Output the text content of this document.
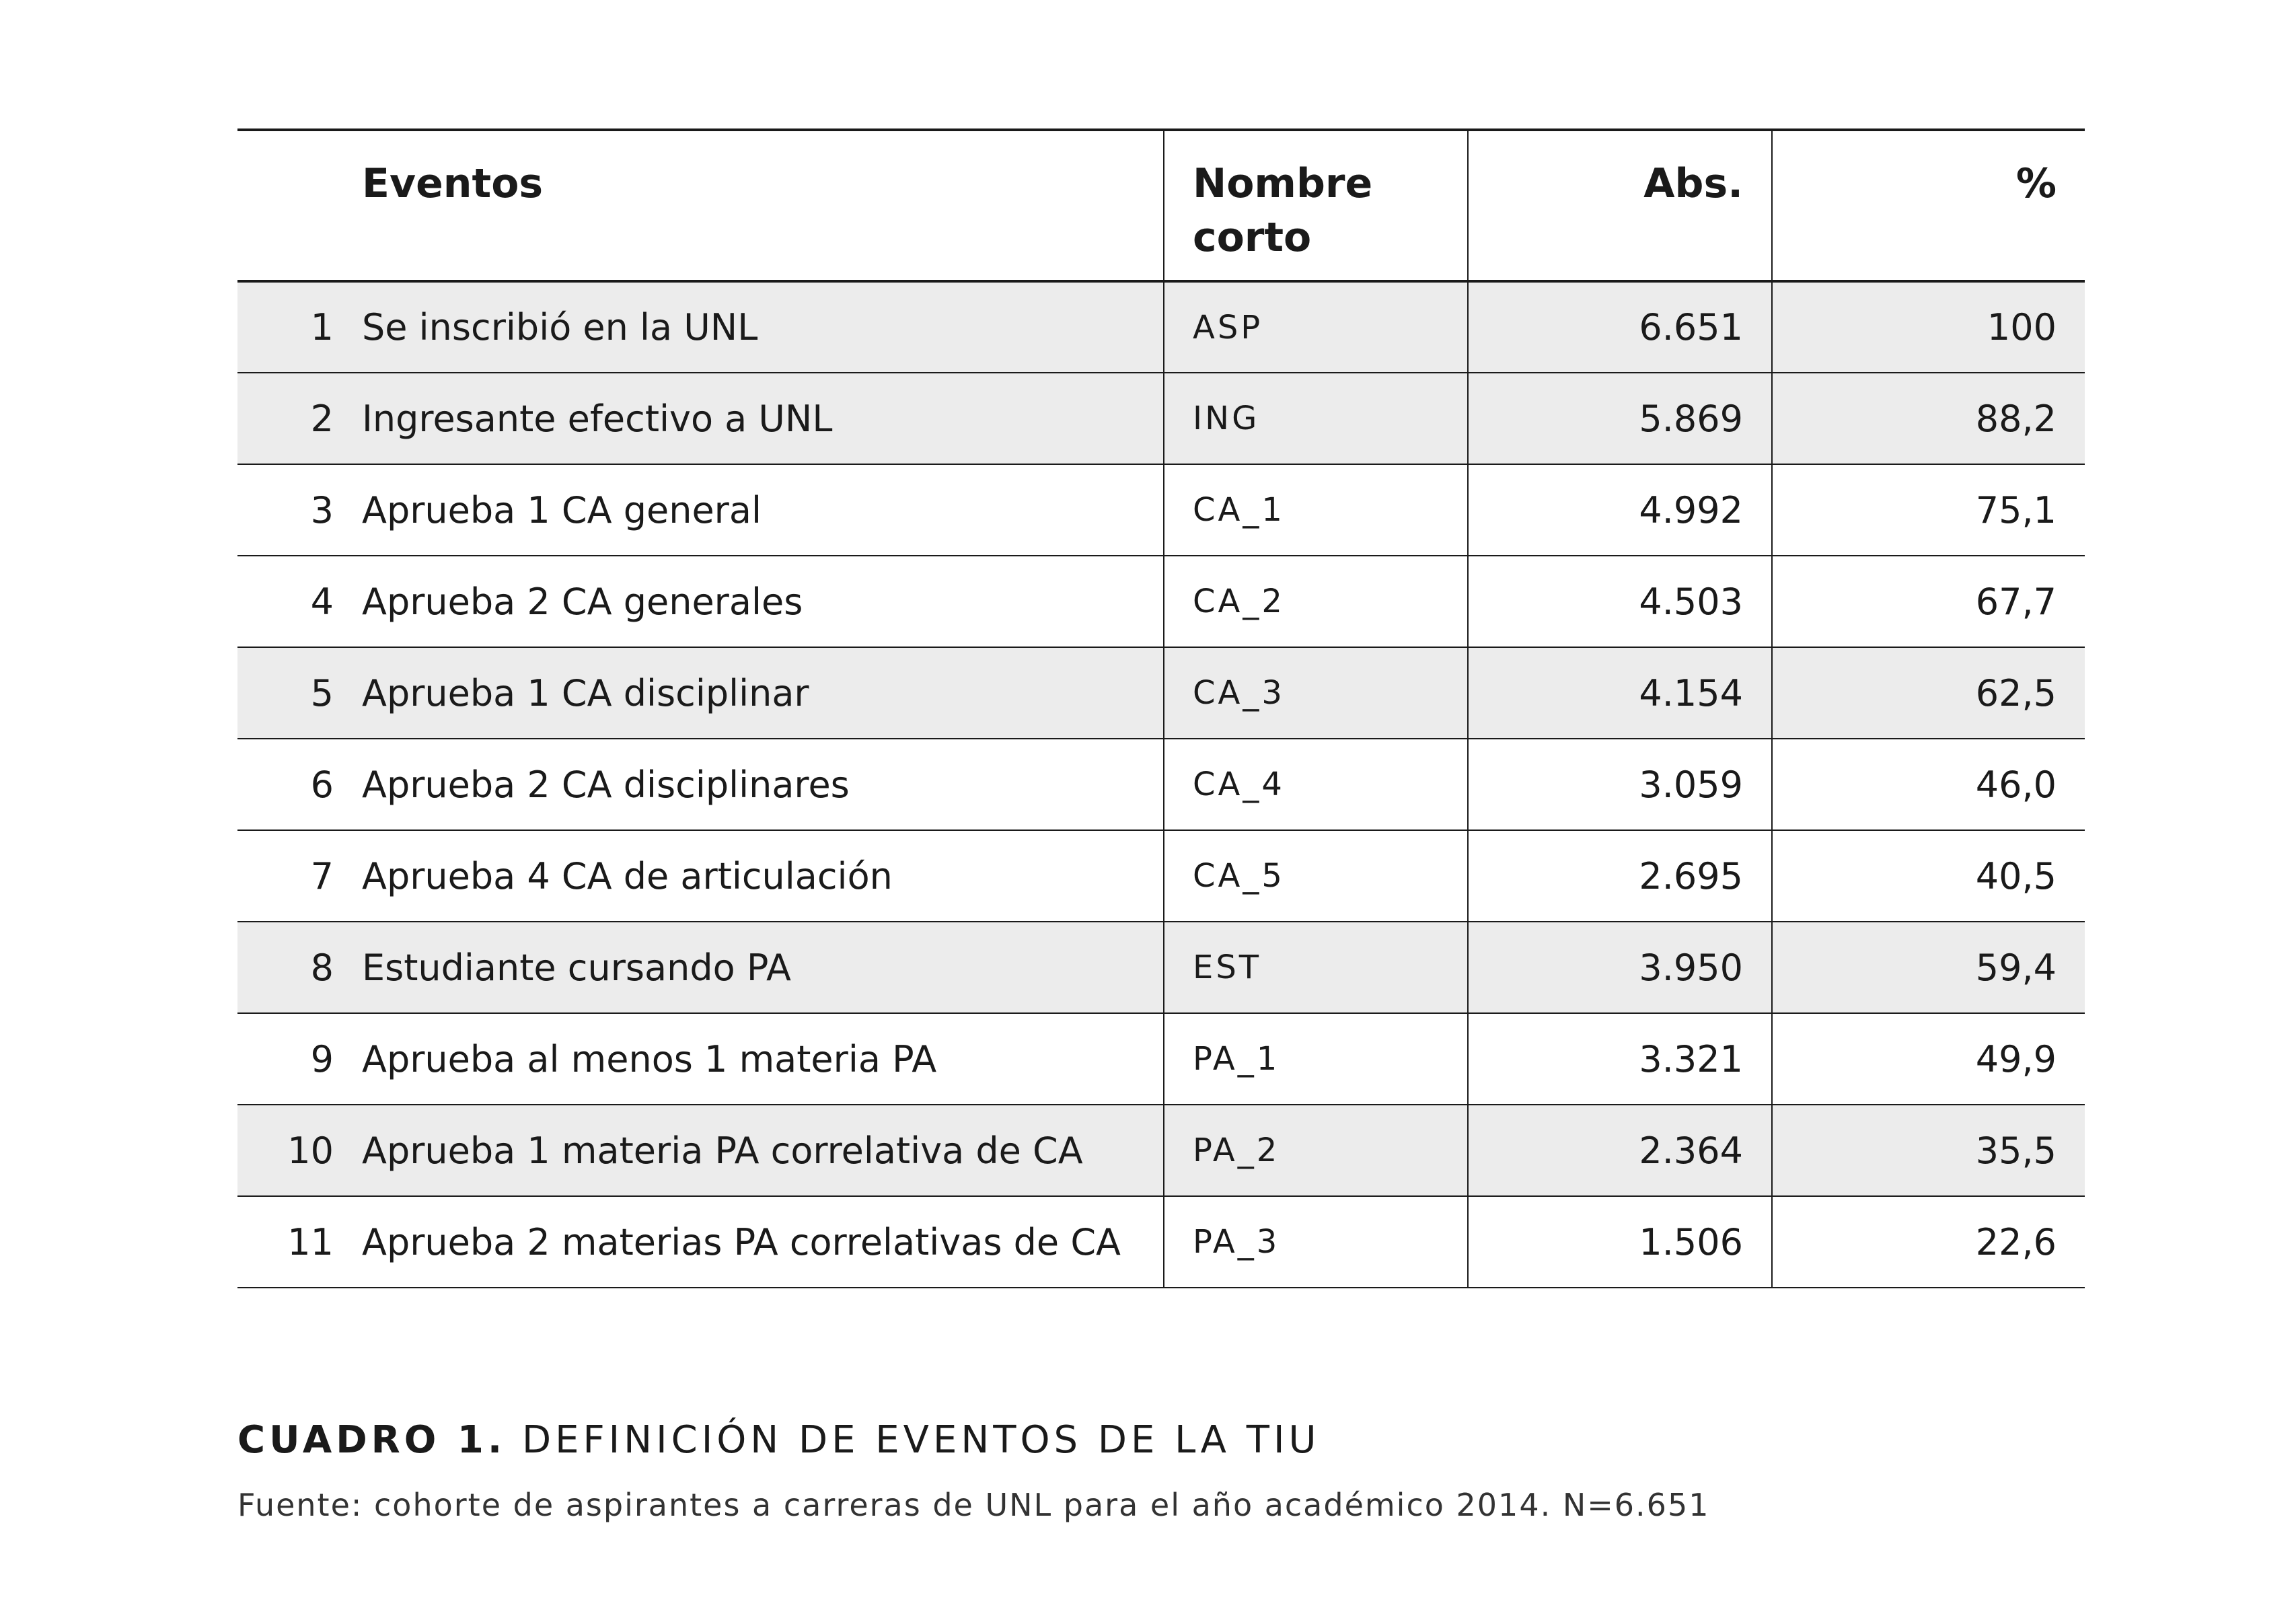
	Eventos	Nombre corto	Abs.	%
1	Se inscribió en la UNL	ASP	6.651	100
2	Ingresante efectivo a UNL	ING	5.869	88,2
3	Aprueba 1 CA general	CA_1	4.992	75,1
4	Aprueba 2 CA generales	CA_2	4.503	67,7
5	Aprueba 1 CA disciplinar	CA_3	4.154	62,5
6	Aprueba 2 CA disciplinares	CA_4	3.059	46,0
7	Aprueba 4 CA de articulación	CA_5	2.695	40,5
8	Estudiante cursando PA	EST	3.950	59,4
9	Aprueba al menos 1 materia PA	PA_1	3.321	49,9
10	Aprueba 1 materia PA correlativa de CA	PA_2	2.364	35,5
11	Aprueba 2 materias PA correlativas de CA	PA_3	1.506	22,6
CUADRO 1. DEFINICIÓN DE EVENTOS DE LA TIU
Fuente: cohorte de aspirantes a carreras de UNL para el año académico 2014. N=6.651
